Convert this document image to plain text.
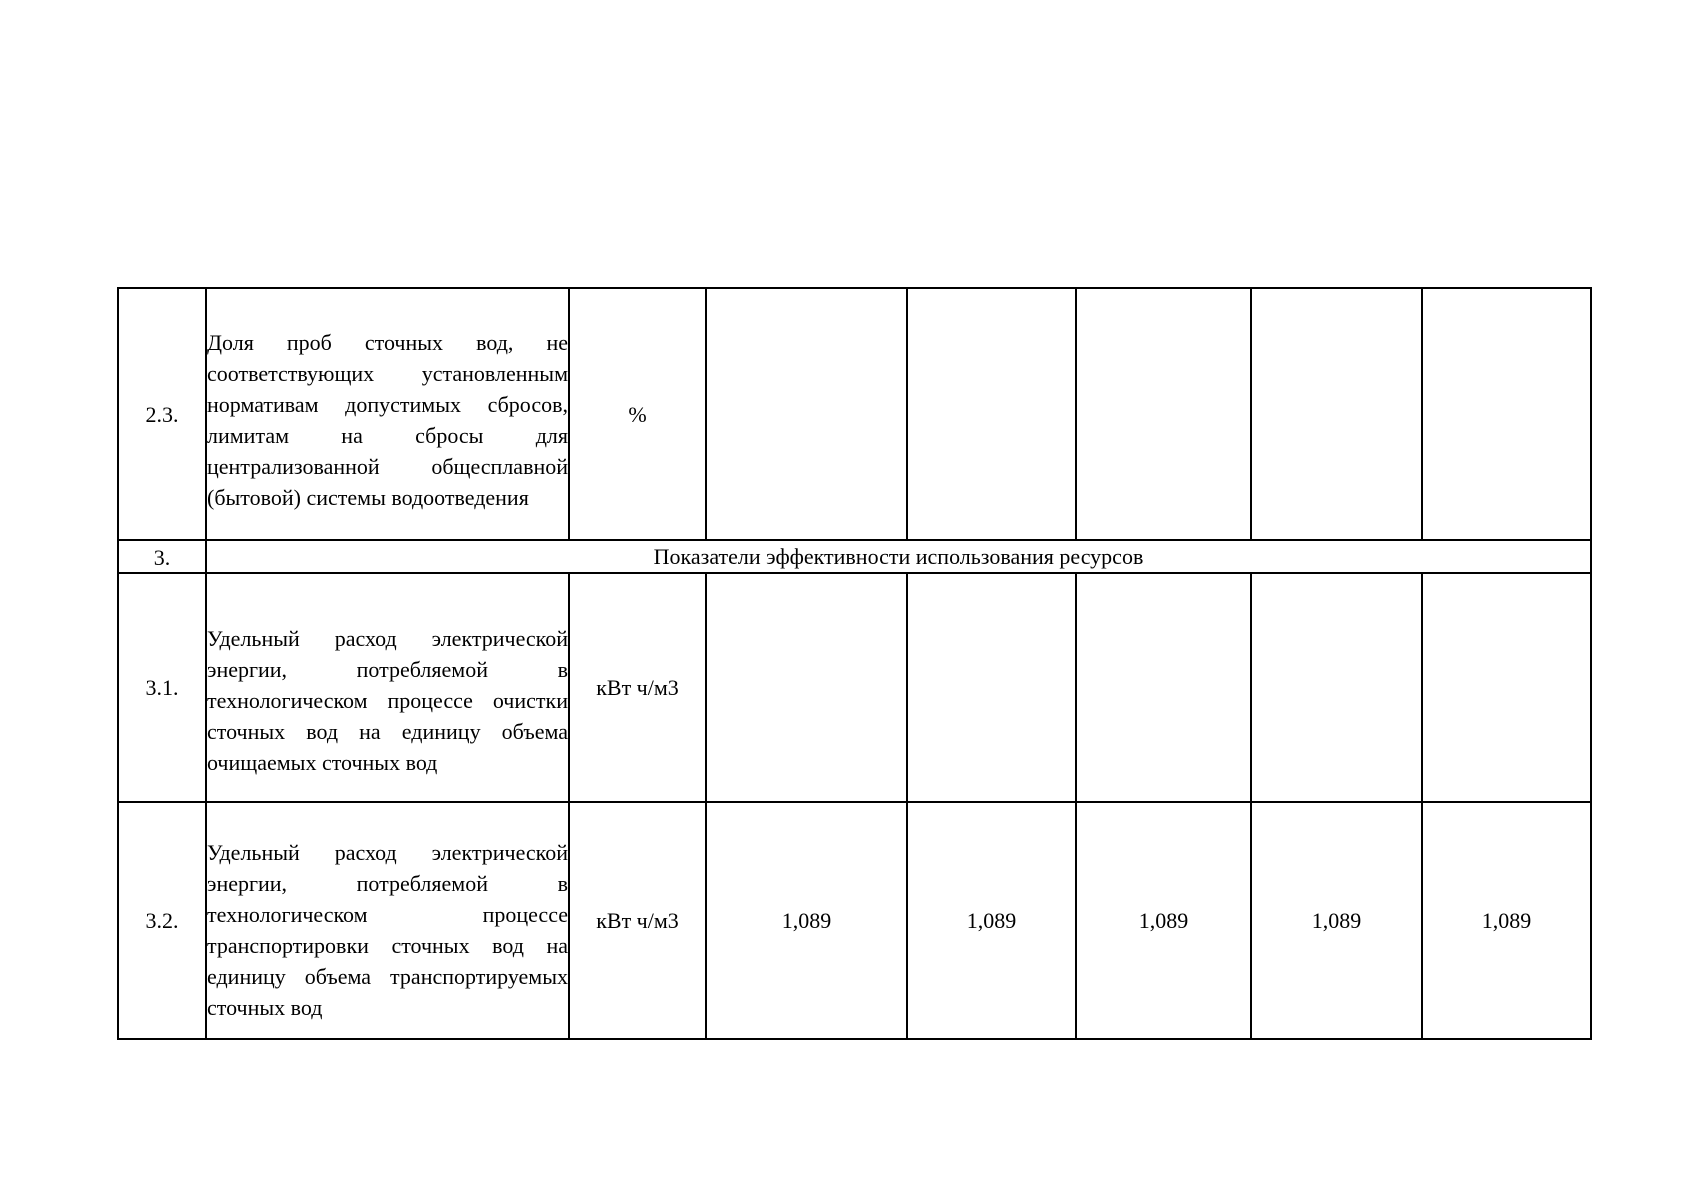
2.3.	Доля проб сточных вод, не соответствующих установленным нормативам допустимых сбросов, лимитам на сбросы для централизованной общесплавной (бытовой) системы водоотведения	%					
3.	Показатели эффективности использования ресурсов						
3.1.	Удельный расход электрической энергии, потребляемой в технологическом процессе очистки сточных вод на единицу объема очищаемых сточных вод	кВт ч/м3					
3.2.	Удельный расход электрической энергии, потребляемой в технологическом процессе транспортировки сточных вод на единицу объема транспортируемых сточных вод	кВт ч/м3	1,089	1,089	1,089	1,089	1,089
